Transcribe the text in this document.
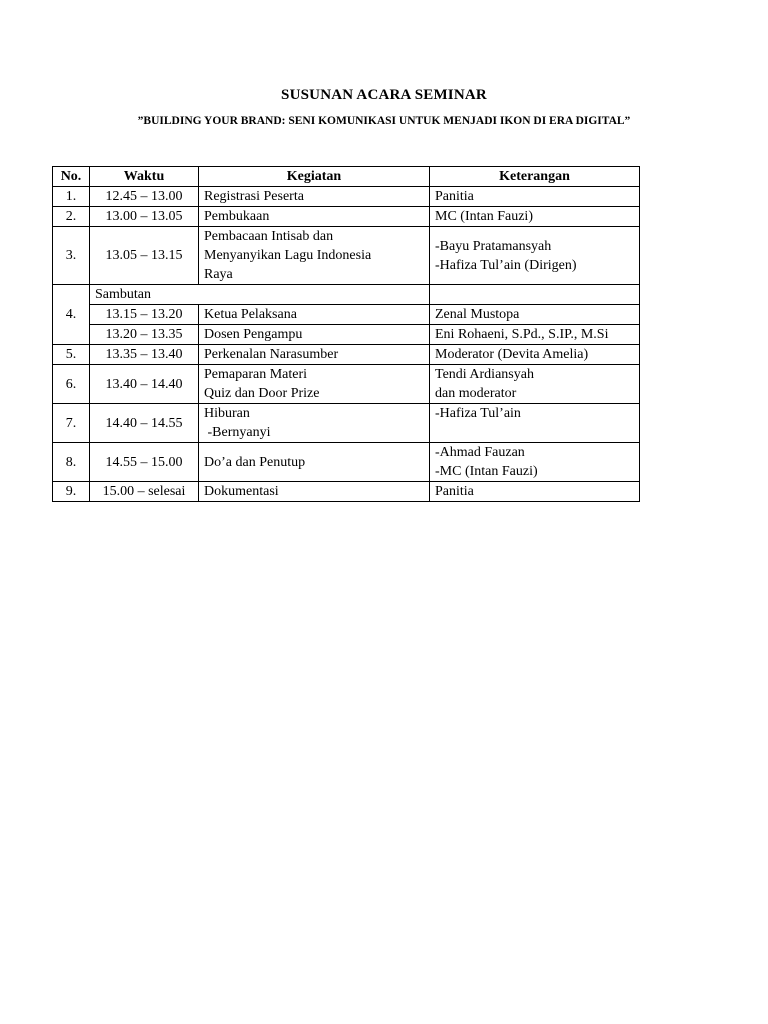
SUSUNAN ACARA SEMINAR
”BUILDING YOUR BRAND: SENI KOMUNIKASI UNTUK MENJADI IKON DI ERA DIGITAL”
No.	Waktu	Kegiatan	Keterangan
1.	12.45 – 13.00	Registrasi Peserta	Panitia
2.	13.00 – 13.05	Pembukaan	MC (Intan Fauzi)
3.	13.05 – 13.15	Pembacaan Intisab dan
Menyanyikan Lagu Indonesia
Raya	-Bayu Pratamansyah
-Hafiza Tul’ain (Dirigen)

4.	Sambutan		
	13.15 – 13.20	Ketua Pelaksana	Zenal Mustopa
	13.20 – 13.35	Dosen Pengampu	Eni Rohaeni, S.Pd., S.IP., M.Si
5.	13.35 – 13.40	Perkenalan Narasumber	Moderator (Devita Amelia)
6.	13.40 – 14.40	Pemaparan Materi
Quiz dan Door Prize	Tendi Ardiansyah
dan moderator

7.	14.40 – 14.55	Hiburan
-Bernyanyi	-Hafiza Tul’ain

8.	14.55 – 15.00	Do’a dan Penutup	-Ahmad Fauzan
-MC (Intan Fauzi)

9.	15.00 – selesai	Dokumentasi	Panitia
